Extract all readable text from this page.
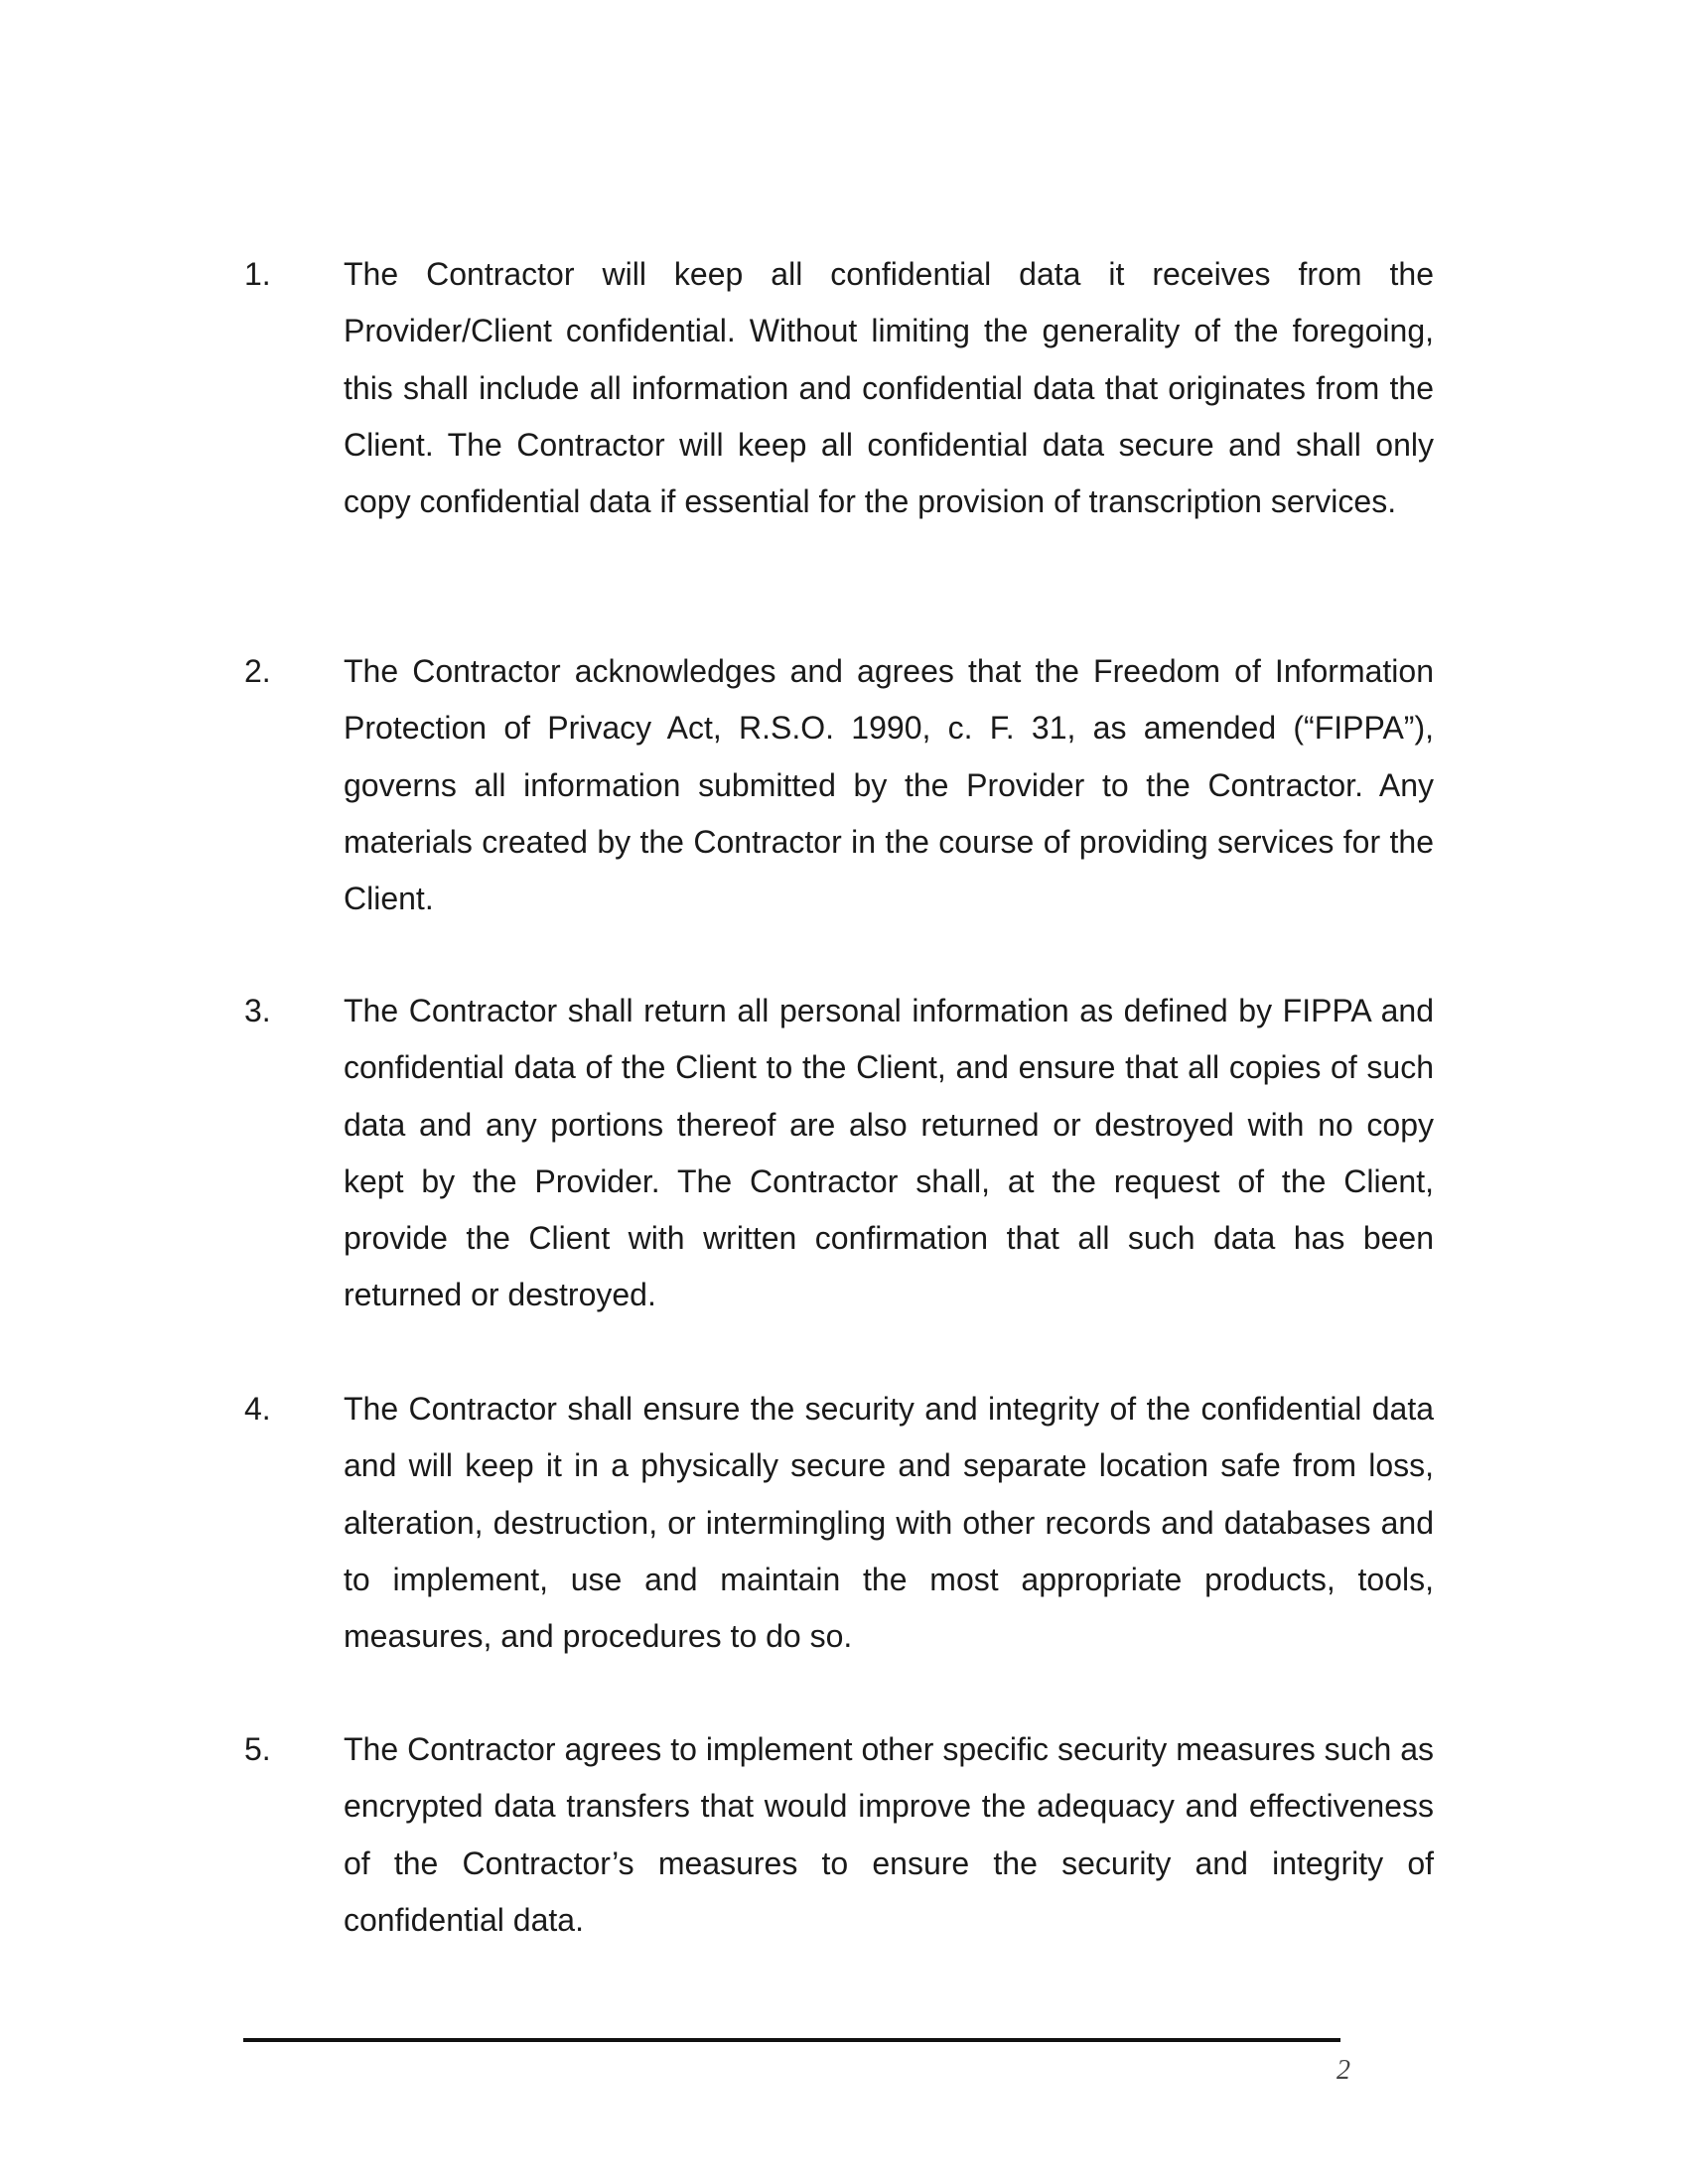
1. The Contractor will keep all confidential data it receives from the Provider/Client confidential. Without limiting the generality of the foregoing, this shall include all information and confidential data that originates from the Client. The Contractor will keep all confidential data secure and shall only copy confidential data if essential for the provision of transcription services.

2. The Contractor acknowledges and agrees that the Freedom of Information Protection of Privacy Act, R.S.O. 1990, c. F. 31, as amended (“FIPPA”), governs all information submitted by the Provider to the Contractor. Any materials created by the Contractor in the course of providing services for the Client.

3. The Contractor shall return all personal information as defined by FIPPA and confidential data of the Client to the Client, and ensure that all copies of such data and any portions thereof are also returned or destroyed with no copy kept by the Provider. The Contractor shall, at the request of the Client, provide the Client with written confirmation that all such data has been returned or destroyed.

4. The Contractor shall ensure the security and integrity of the confidential data and will keep it in a physically secure and separate location safe from loss, alteration, destruction, or intermingling with other records and databases and to implement, use and maintain the most appropriate products, tools, measures, and procedures to do so.

5. The Contractor agrees to implement other specific security measures such as encrypted data transfers that would improve the adequacy and effectiveness of the Contractor’s measures to ensure the security and integrity of confidential data.

2
